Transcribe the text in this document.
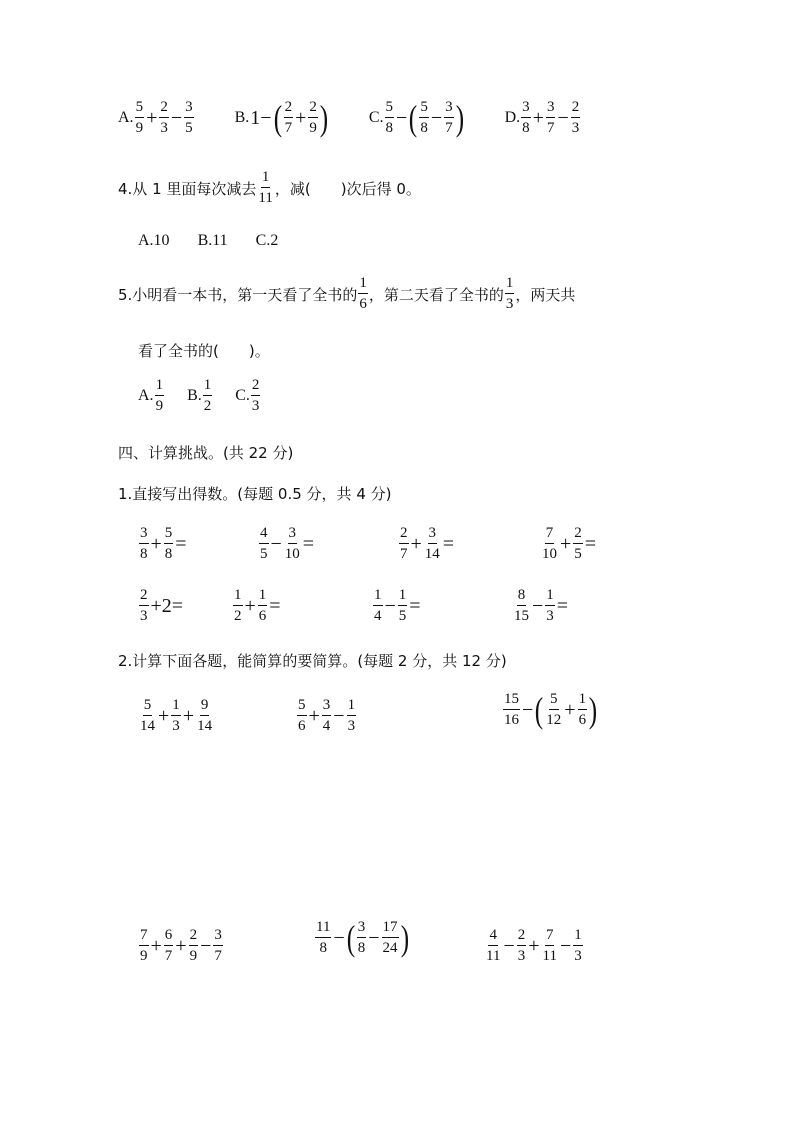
A. $\frac{5}{9} + \frac{2}{3} - \frac{3}{5}$	B. 1− ( $\frac{2}{7} + \frac{2}{9}$ )	C. $\frac{5}{8}$ − ( $\frac{5}{8} - \frac{3}{7}$ )	D. $\frac{3}{8} + \frac{3}{7} - \frac{2}{3}$
4.从 1 里面每次减去 $\frac{1}{11}$ ，减(　　)次后得 0。
A.10 B.11 C.2
5.小明看一本书，第一天看了全书的 $\frac{1}{6}$ ，第二天看了全书的 $\frac{1}{3}$ ，两天共
看了全书的(　　)。
A. $\frac{1}{9} B$. $\frac{1}{2} C$. $\frac{2}{3}$
四、计算挑战。(共 22 分)
1.直接写出得数。(每题 0.5 分，共 4 分)
$\frac{3}{8} + \frac{5}{8}$ =	$\frac{4}{5} - \frac{3}{10}$ =	$\frac{2}{7} + \frac{3}{14}$ =	$\frac{7}{10} + \frac{2}{5}$ =
$\frac{2}{3} +2=$	$\frac{1}{2} + \frac{1}{6}$ =	$\frac{1}{4} - \frac{1}{5}$ =	$\frac{8}{15} - \frac{1}{3}$ =
2.计算下面各题，能简算的要简算。(每题 2 分，共 12 分)
$\frac{5}{14} + \frac{1}{3} + \frac{9}{14}$	$\frac{5}{6} + \frac{3}{4} - \frac{1}{3}$	$\frac{15}{16}$ − ( $\frac{5}{12} + \frac{1}{6}$ )
$\frac{7}{9} + \frac{6}{7} + \frac{2}{9} - \frac{3}{7}$	$\frac{11}{8}$ − ( $\frac{3}{8} - \frac{17}{24}$ )	$\frac{4}{11} - \frac{2}{3} + \frac{7}{11} - \frac{1}{3}$
